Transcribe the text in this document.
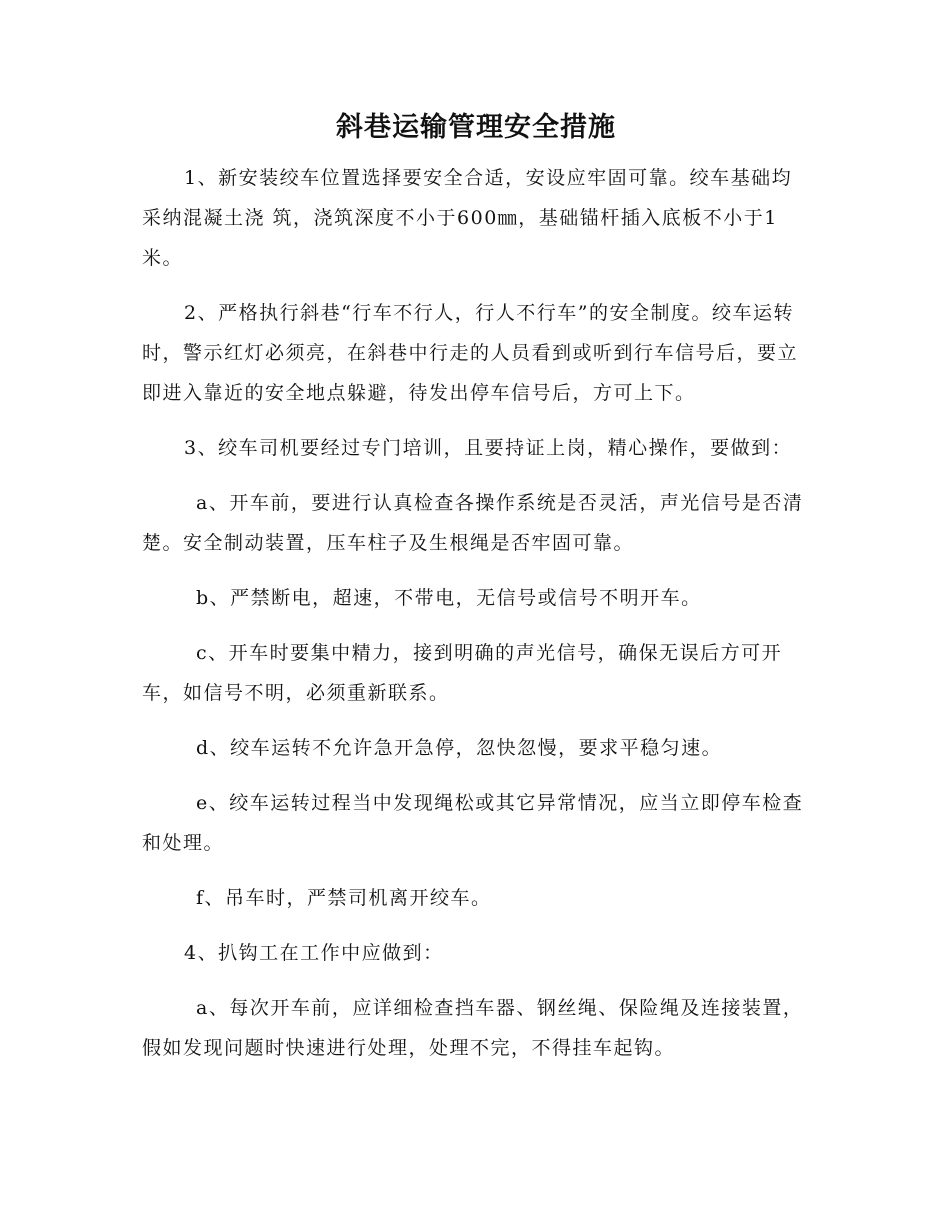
斜巷运输管理安全措施

1、新安装绞车位置选择要安全合适，安设应牢固可靠。绞车基础均采纳混凝土浇 筑，浇筑深度不小于600㎜，基础锚杆插入底板不小于1米。

2、严格执行斜巷“行车不行人，行人不行车”的安全制度。绞车运转时，警示红灯必须亮，在斜巷中行走的人员看到或听到行车信号后，要立即进入靠近的安全地点躲避，待发出停车信号后，方可上下。

3、绞车司机要经过专门培训，且要持证上岗，精心操作，要做到：

a、开车前，要进行认真检查各操作系统是否灵活，声光信号是否清楚。安全制动装置，压车柱子及生根绳是否牢固可靠。

b、严禁断电，超速，不带电，无信号或信号不明开车。

c、开车时要集中精力，接到明确的声光信号，确保无误后方可开车，如信号不明，必须重新联系。

d、绞车运转不允许急开急停，忽快忽慢，要求平稳匀速。

e、绞车运转过程当中发现绳松或其它异常情况，应当立即停车检查和处理。

f、吊车时，严禁司机离开绞车。

4、扒钩工在工作中应做到：

a、每次开车前，应详细检查挡车器、钢丝绳、保险绳及连接装置，假如发现问题时快速进行处理，处理不完，不得挂车起钩。
